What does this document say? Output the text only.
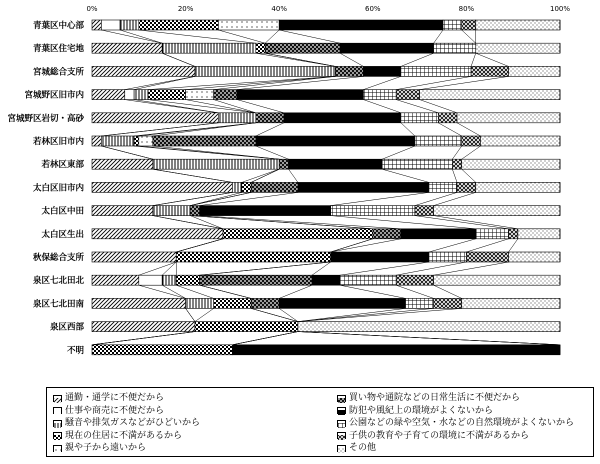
0%	20%	40%	60%	80%	100%
青葉区中心部
青葉区住宅地
宮城総合支所
宮城野区旧市内
宮城野区岩切・高砂
若林区旧市内
若林区東部
太白区旧市内
太白区中田
太白区生出
秋保総合支所
泉区七北田北
泉区七北田南
泉区西部
不明
通勤・通学に不便だから	買い物や通院などの日常生活に不便だから
仕事や商売に不便だから	防犯や風紀上の環境がよくないから
騒音や排気ガスなどがひどいから	公園などの緑や空気・水などの自然環境がよくないから
現在の住居に不満があるから	子供の教育や子育ての環境に不満があるから
親や子から遠いから	その他
